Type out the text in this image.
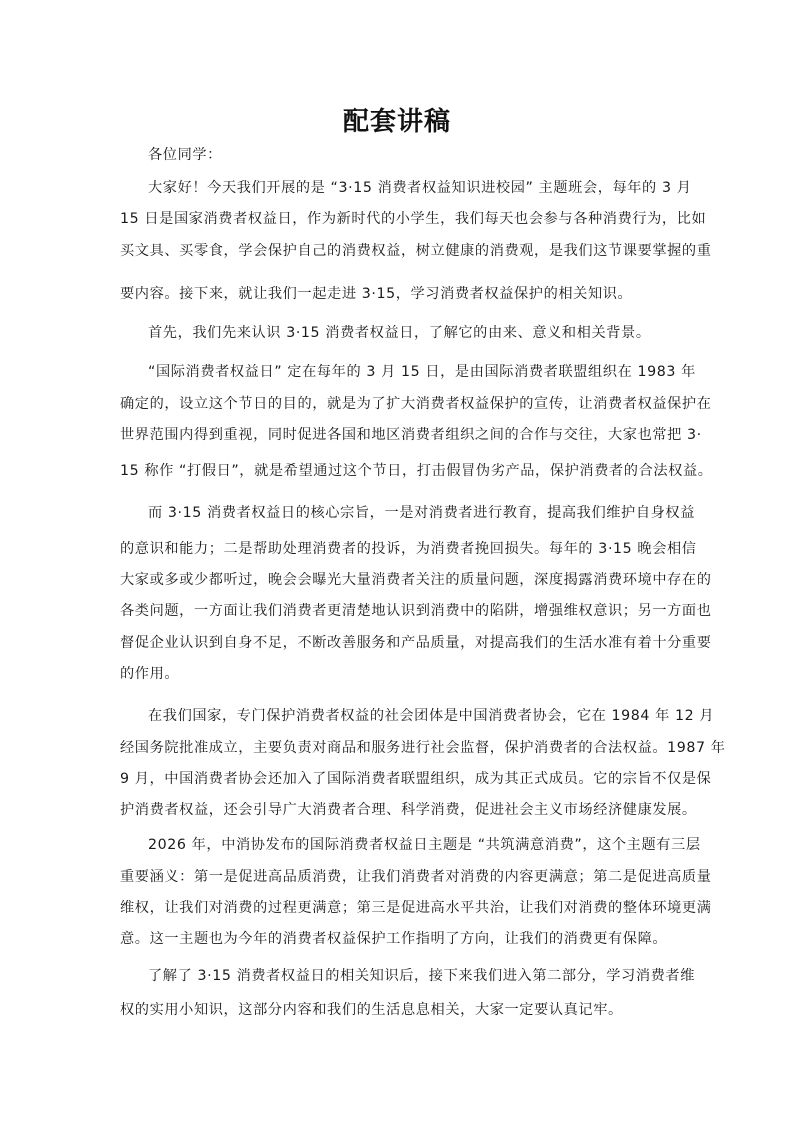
配套讲稿
各位同学：
大家好！今天我们开展的是 “3·15 消费者权益知识进校园” 主题班会，每年的 3 月
15 日是国家消费者权益日，作为新时代的小学生，我们每天也会参与各种消费行为，比如
买文具、买零食，学会保护自己的消费权益，树立健康的消费观，是我们这节课要掌握的重
要内容。接下来，就让我们一起走进 3·15，学习消费者权益保护的相关知识。
首先，我们先来认识 3·15 消费者权益日，了解它的由来、意义和相关背景。
“国际消费者权益日” 定在每年的 3 月 15 日，是由国际消费者联盟组织在 1983 年
确定的，设立这个节日的目的，就是为了扩大消费者权益保护的宣传，让消费者权益保护在
世界范围内得到重视，同时促进各国和地区消费者组织之间的合作与交往，大家也常把 3·
15 称作 “打假日”，就是希望通过这个节日，打击假冒伪劣产品，保护消费者的合法权益。
而 3·15 消费者权益日的核心宗旨，一是对消费者进行教育，提高我们维护自身权益
的意识和能力；二是帮助处理消费者的投诉，为消费者挽回损失。每年的 3·15 晚会相信
大家或多或少都听过，晚会会曝光大量消费者关注的质量问题，深度揭露消费环境中存在的
各类问题，一方面让我们消费者更清楚地认识到消费中的陷阱，增强维权意识；另一方面也
督促企业认识到自身不足，不断改善服务和产品质量，对提高我们的生活水准有着十分重要
的作用。
在我们国家，专门保护消费者权益的社会团体是中国消费者协会，它在 1984 年 12 月
经国务院批准成立，主要负责对商品和服务进行社会监督，保护消费者的合法权益。1987 年
9 月，中国消费者协会还加入了国际消费者联盟组织，成为其正式成员。它的宗旨不仅是保
护消费者权益，还会引导广大消费者合理、科学消费，促进社会主义市场经济健康发展。
2026 年，中消协发布的国际消费者权益日主题是 “共筑满意消费”，这个主题有三层
重要涵义：第一是促进高品质消费，让我们消费者对消费的内容更满意；第二是促进高质量
维权，让我们对消费的过程更满意；第三是促进高水平共治，让我们对消费的整体环境更满
意。这一主题也为今年的消费者权益保护工作指明了方向，让我们的消费更有保障。
了解了 3·15 消费者权益日的相关知识后，接下来我们进入第二部分，学习消费者维
权的实用小知识，这部分内容和我们的生活息息相关，大家一定要认真记牢。
